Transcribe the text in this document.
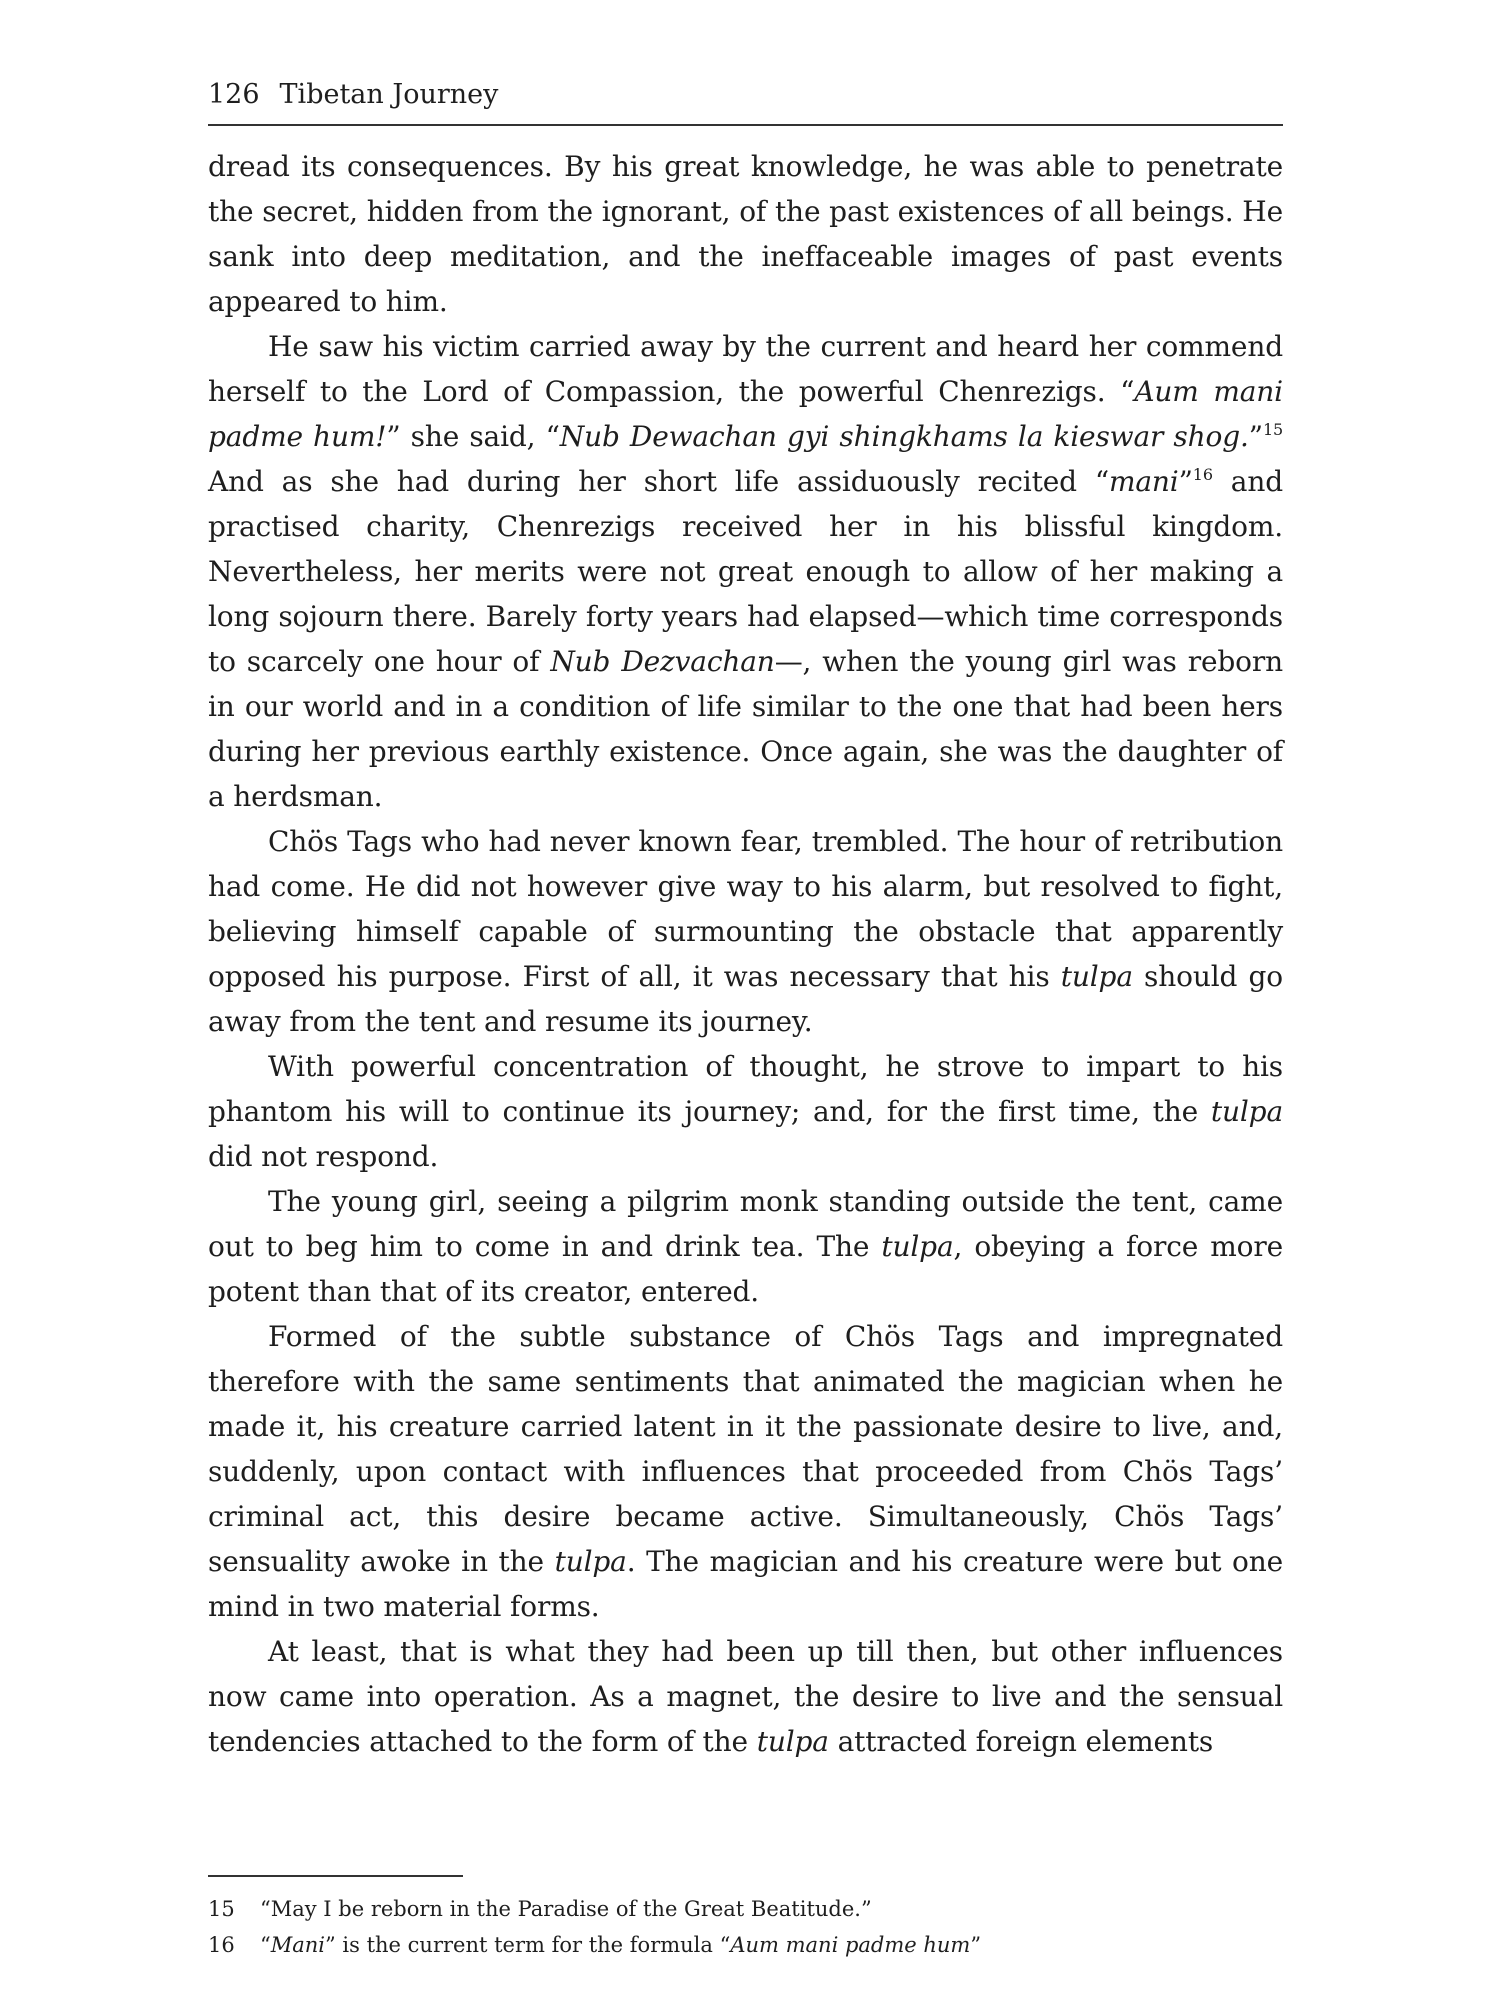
126 Tibetan Journey

dread its consequences. By his great knowledge, he was able to penetrate the secret, hidden from the ignorant, of the past existences of all beings. He sank into deep meditation, and the ineffaceable images of past events appeared to him.

He saw his victim carried away by the current and heard her commend herself to the Lord of Compassion, the powerful Chenrezigs. “Aum mani padme hum!” she said, “Nub Dewachan gyi shingkhams la kieswar shog.”$^{15}$ And as she had during her short life assiduously recited “mani”$^{16}$ and practised charity, Chenrezigs received her in his blissful kingdom. Nevertheless, her merits were not great enough to allow of her making a long sojourn there. Barely forty years had elapsed—which time corresponds to scarcely one hour of Nub Dezvachan—, when the young girl was reborn in our world and in a condition of life similar to the one that had been hers during her previous earthly existence. Once again, she was the daughter of a herdsman.

Chös Tags who had never known fear, trembled. The hour of retribution had come. He did not however give way to his alarm, but resolved to fight, believing himself capable of surmounting the obstacle that apparently opposed his purpose. First of all, it was necessary that his tulpa should go away from the tent and resume its journey.

With powerful concentration of thought, he strove to impart to his phantom his will to continue its journey; and, for the first time, the tulpa did not respond.

The young girl, seeing a pilgrim monk standing outside the tent, came out to beg him to come in and drink tea. The tulpa, obeying a force more potent than that of its creator, entered.

Formed of the subtle substance of Chös Tags and impregnated therefore with the same sentiments that animated the magician when he made it, his creature carried latent in it the passionate desire to live, and, suddenly, upon contact with influences that proceeded from Chös Tags’ criminal act, this desire became active. Simultaneously, Chös Tags’ sensuality awoke in the tulpa. The magician and his creature were but one mind in two material forms.

At least, that is what they had been up till then, but other influences now came into operation. As a magnet, the desire to live and the sensual tendencies attached to the form of the tulpa attracted foreign elements

15	“May I be reborn in the Paradise of the Great Beatitude.”
16	“Mani” is the current term for the formula “Aum mani padme hum”
